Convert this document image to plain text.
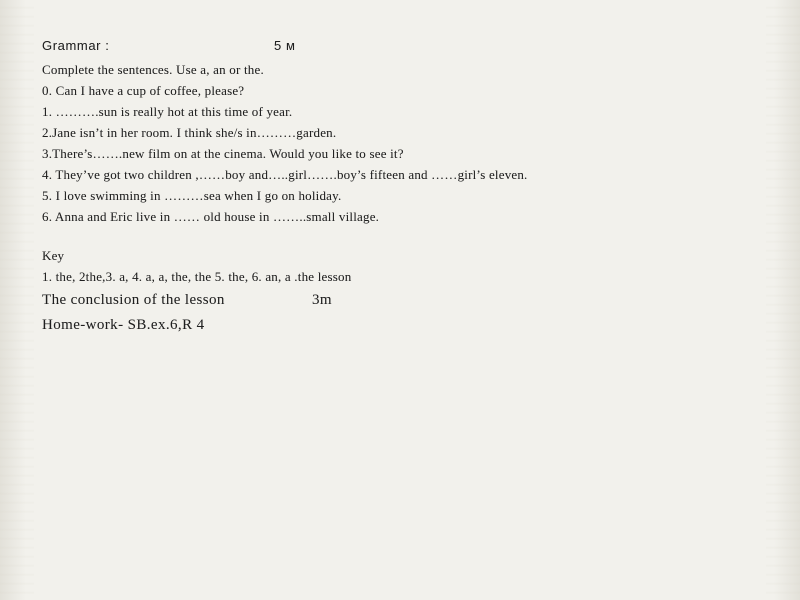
Grammar :	5 м
Complete the sentences. Use a, an or the.
0. Can I have a cup of coffee, please?
1. ……….sun is really hot at this time of year.
2.Jane isn’t in her room. I think she/s in………garden.
3.There’s…….new film on at the cinema. Would you like to see it?
4. They’ve got two children ,……boy and…..girl…….boy’s fifteen and ……girl’s eleven.
5. I love swimming in ………sea when I go on holiday.
6. Anna and Eric live in …… old house in ……..small village.
Key
1. the, 2the,3. a, 4. a, a, the, the 5. the, 6. an, a .the lesson
The conclusion of the lesson	3m
Home-work- SB.ex.6,R 4
